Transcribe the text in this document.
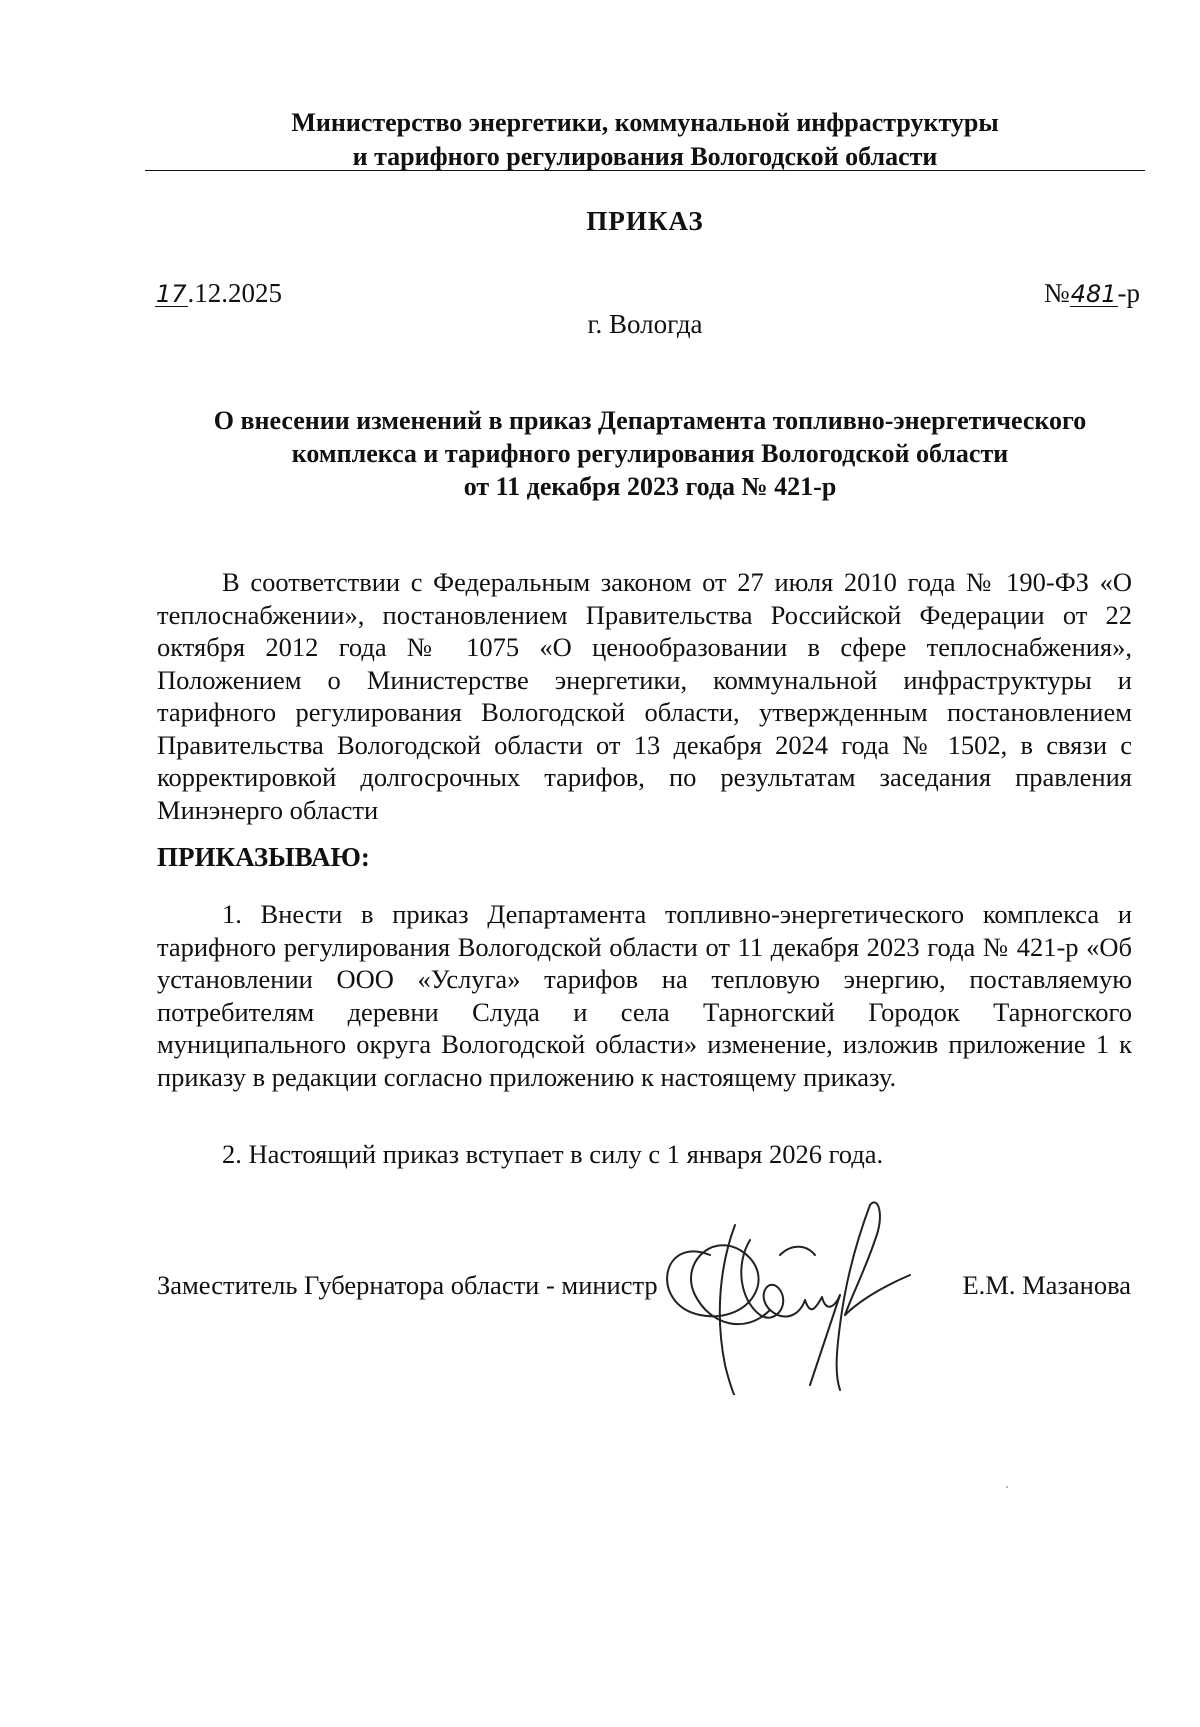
Министерство энергетики, коммунальной инфраструктуры
и тарифного регулирования Вологодской области
ПРИКАЗ
17.12.2025	№481-р
г. Вологда
О внесении изменений в приказ Департамента топливно-энергетического
комплекса и тарифного регулирования Вологодской области
от 11 декабря 2023 года № 421-р
В соответствии с Федеральным законом от 27 июля 2010 года № 190-ФЗ «О теплоснабжении», постановлением Правительства Российской Федерации от 22 октября 2012 года № 1075 «О ценообразовании в сфере теплоснабжения», Положением о Министерстве энергетики, коммунальной инфраструктуры и тарифного регулирования Вологодской области, утвержденным постановлением Правительства Вологодской области от 13 декабря 2024 года № 1502, в связи с корректировкой долгосрочных тарифов, по результатам заседания правления Минэнерго области
ПРИКАЗЫВАЮ:
1. Внести в приказ Департамента топливно-энергетического комплекса и тарифного регулирования Вологодской области от 11 декабря 2023 года № 421-р «Об установлении ООО «Услуга» тарифов на тепловую энергию, поставляемую потребителям деревни Слуда и села Тарногский Городок Тарногского муниципального округа Вологодской области» изменение, изложив приложение 1 к приказу в редакции согласно приложению к настоящему приказу.
2. Настоящий приказ вступает в силу с 1 января 2026 года.
Заместитель Губернатора области - министр	Е.М. Мазанова
